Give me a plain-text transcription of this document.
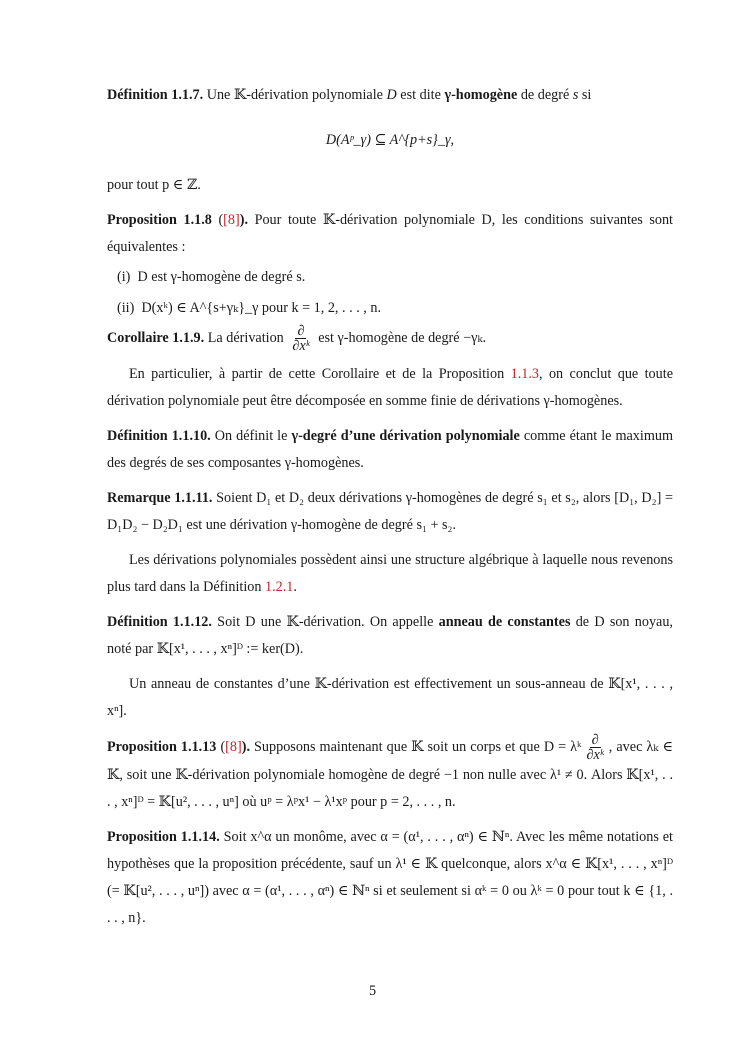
Définition 1.1.7. Une 𝕂-dérivation polynomiale D est dite γ-homogène de degré s si

D(Aᵖ_γ) ⊆ A^{p+s}_γ,

pour tout p ∈ ℤ.

Proposition 1.1.8 ([8]). Pour toute 𝕂-dérivation polynomiale D, les conditions suivantes sont équivalentes :

(i) D est γ-homogène de degré s.
(ii) D(xᵏ) ∈ A^{s+γₖ}_γ pour k = 1, 2, . . . , n.

Corollaire 1.1.9. La dérivation $\frac{\partial}{\text{∂xᵏ}}$ est γ-homogène de degré −γₖ.

En particulier, à partir de cette Corollaire et de la Proposition 1.1.3, on conclut que toute dérivation polynomiale peut être décomposée en somme finie de dérivations γ-homogènes.

Définition 1.1.10. On définit le γ-degré d’une dérivation polynomiale comme étant le maximum des degrés de ses composantes γ-homogènes.

Remarque 1.1.11. Soient D₁ et D₂ deux dérivations γ-homogènes de degré s₁ et s₂, alors [D₁, D₂] = D₁D₂ − D₂D₁ est une dérivation γ-homogène de degré s₁ + s₂.

Les dérivations polynomiales possèdent ainsi une structure algébrique à laquelle nous revenons plus tard dans la Définition 1.2.1.

Définition 1.1.12. Soit D une 𝕂-dérivation. On appelle anneau de constantes de D son noyau, noté par 𝕂[x¹, . . . , xⁿ]ᴰ := ker(D).

Un anneau de constantes d’une 𝕂-dérivation est effectivement un sous-anneau de 𝕂[x¹, . . . , xⁿ].

Proposition 1.1.13 ([8]). Supposons maintenant que 𝕂 soit un corps et que D = λᵏ $\frac{\partial}{\text{∂xᵏ}}$ , avec λₖ ∈ 𝕂, soit une 𝕂-dérivation polynomiale homogène de degré −1 non nulle avec λ¹ ≠ 0. Alors 𝕂[x¹, . . . , xⁿ]ᴰ = 𝕂[u², . . . , uⁿ] où uᵖ = λᵖx¹ − λ¹xᵖ pour p = 2, . . . , n.

Proposition 1.1.14. Soit x^α un monôme, avec α = (α¹, . . . , αⁿ) ∈ ℕⁿ. Avec les même notations et hypothèses que la proposition précédente, sauf un λ¹ ∈ 𝕂 quelconque, alors x^α ∈ 𝕂[x¹, . . . , xⁿ]ᴰ (= 𝕂[u², . . . , uⁿ]) avec α = (α¹, . . . , αⁿ) ∈ ℕⁿ si et seulement si αᵏ = 0 ou λᵏ = 0 pour tout k ∈ {1, . . . , n}.

5
